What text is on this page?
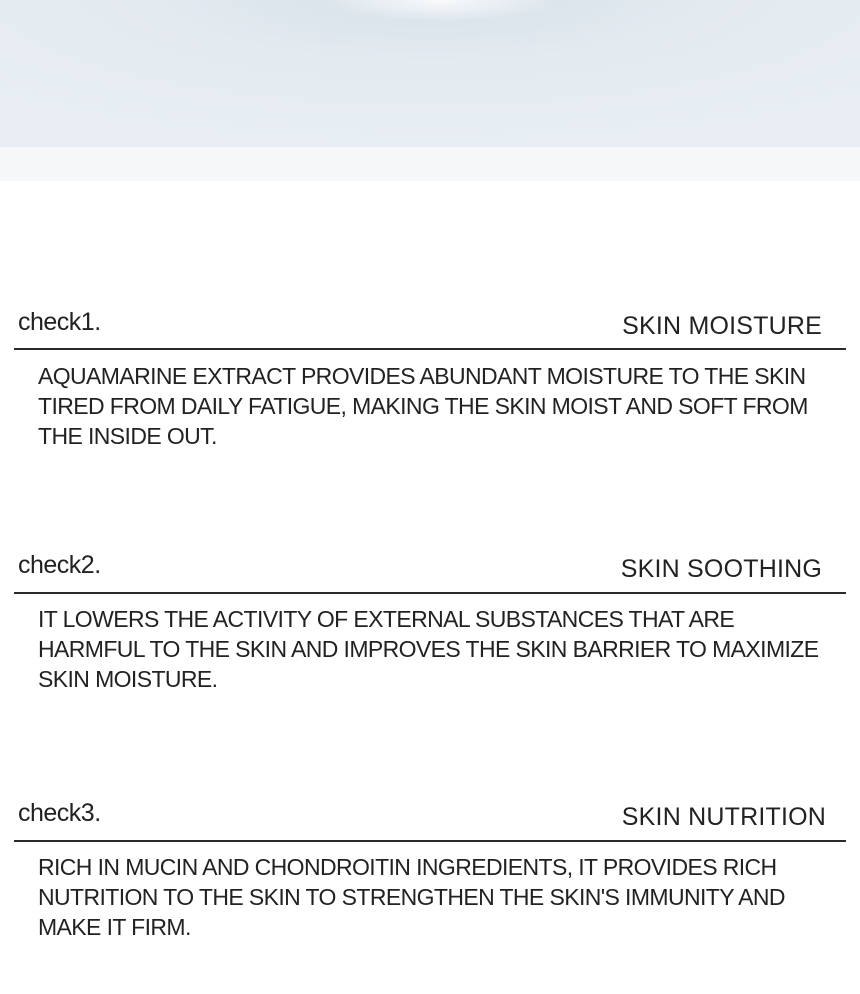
check1.	SKIN MOISTURE

AQUAMARINE EXTRACT PROVIDES ABUNDANT MOISTURE TO THE SKIN TIRED FROM DAILY FATIGUE, MAKING THE SKIN MOIST AND SOFT FROM THE INSIDE OUT.

check2.	SKIN SOOTHING

IT LOWERS THE ACTIVITY OF EXTERNAL SUBSTANCES THAT ARE HARMFUL TO THE SKIN AND IMPROVES THE SKIN BARRIER TO MAXIMIZE SKIN MOISTURE.

check3.	SKIN NUTRITION

RICH IN MUCIN AND CHONDROITIN INGREDIENTS, IT PROVIDES RICH NUTRITION TO THE SKIN TO STRENGTHEN THE SKIN'S IMMUNITY AND MAKE IT FIRM.
